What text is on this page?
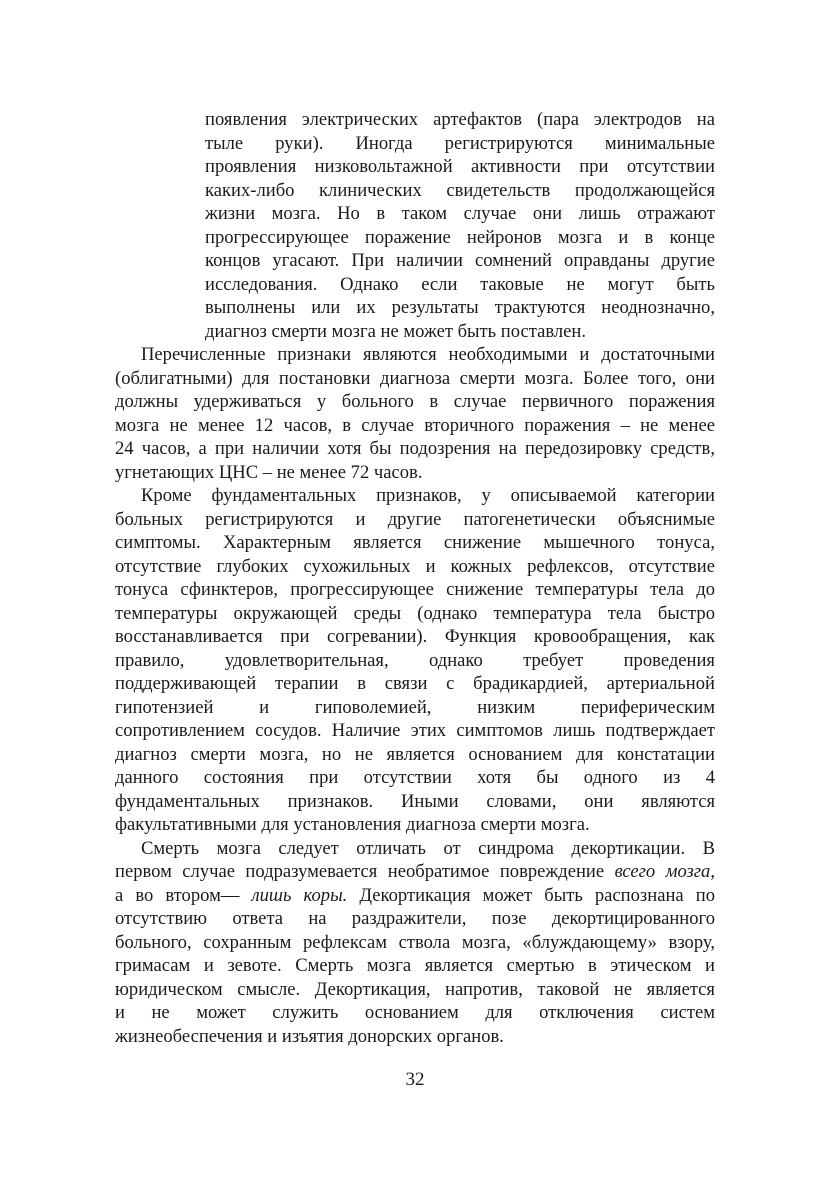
появления электрических артефактов (пара электродов на
тыле руки). Иногда регистрируются минимальные
проявления низковольтажной активности при отсутствии
каких-либо клинических свидетельств продолжающейся
жизни мозга. Но в таком случае они лишь отражают
прогрессирующее поражение нейронов мозга и в конце
концов угасают. При наличии сомнений оправданы другие
исследования. Однако если таковые не могут быть
выполнены или их результаты трактуются неоднозначно,
диагноз смерти мозга не может быть поставлен.
Перечисленные признаки являются необходимыми и достаточными
(облигатными) для постановки диагноза смерти мозга. Более того, они
должны удерживаться у больного в случае первичного поражения
мозга не менее 12 часов, в случае вторичного поражения – не менее
24 часов, а при наличии хотя бы подозрения на передозировку средств,
угнетающих ЦНС – не менее 72 часов.
Кроме фундаментальных признаков, у описываемой категории
больных регистрируются и другие патогенетически объяснимые
симптомы. Характерным является снижение мышечного тонуса,
отсутствие глубоких сухожильных и кожных рефлексов, отсутствие
тонуса сфинктеров, прогрессирующее снижение температуры тела до
температуры окружающей среды (однако температура тела быстро
восстанавливается при согревании). Функция кровообращения, как
правило, удовлетворительная, однако требует проведения
поддерживающей терапии в связи с брадикардией, артериальной
гипотензией и гиповолемией, низким периферическим
сопротивлением сосудов. Наличие этих симптомов лишь подтверждает
диагноз смерти мозга, но не является основанием для констатации
данного состояния при отсутствии хотя бы одного из 4
фундаментальных признаков. Иными словами, они являются
факультативными для установления диагноза смерти мозга.
Смерть мозга следует отличать от синдрома декортикации. В
первом случае подразумевается необратимое повреждение всего мозга,
а во втором— лишь коры. Декортикация может быть распознана по
отсутствию ответа на раздражители, позе декортицированного
больного, сохранным рефлексам ствола мозга, «блуждающему» взору,
гримасам и зевоте. Смерть мозга является смертью в этическом и
юридическом смысле. Декортикация, напротив, таковой не является
и не может служить основанием для отключения систем
жизнеобеспечения и изъятия донорских органов.
32
